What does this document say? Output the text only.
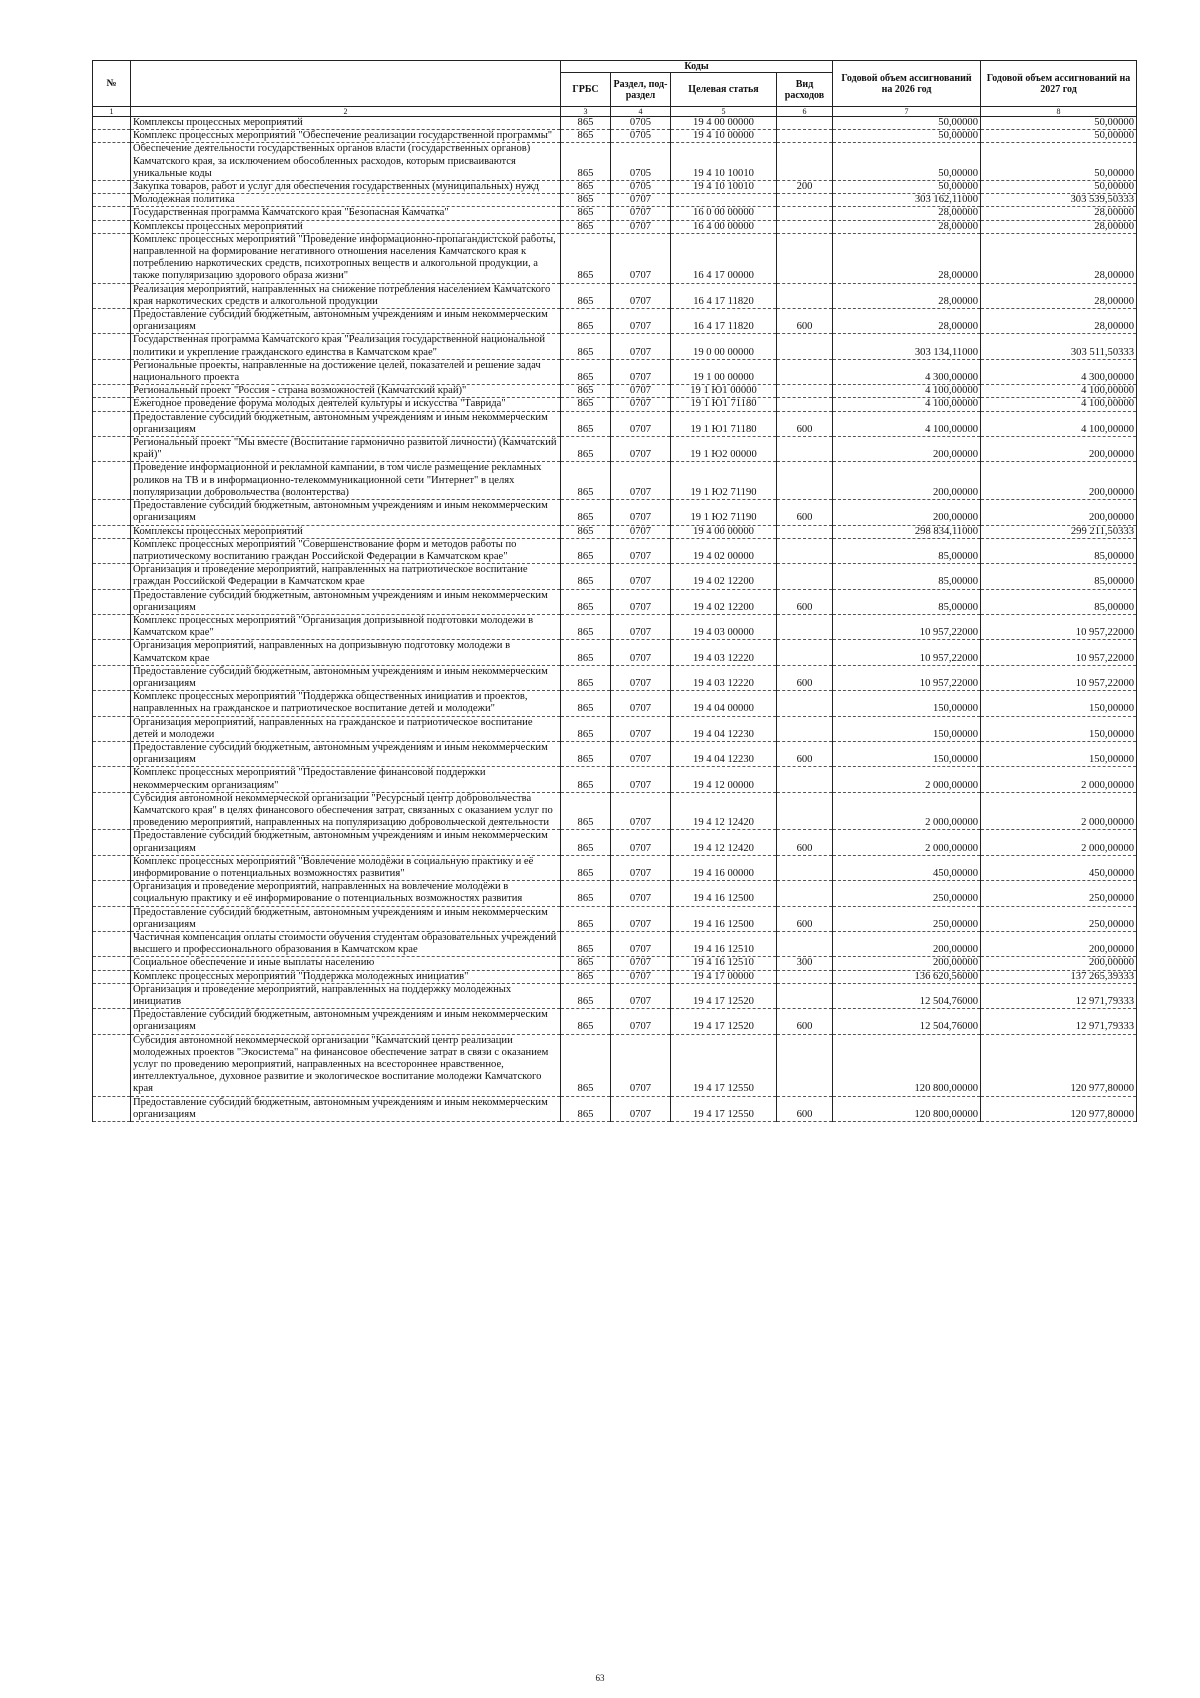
№		Коды				Годовой объем ассигнований на 2026 год	Годовой объем ассигнований на 2027 год
		ГРБС	Раздел, под-раздел	Целевая статья	Вид расходов		
1	2	3	4	5	6	7	8
	Комплексы процессных мероприятий	865	0705	19 4 00 00000		50,00000	50,00000
	Комплекс процессных мероприятий "Обеспечение реализации государственной программы"	865	0705	19 4 10 00000		50,00000	50,00000
	Обеспечение деятельности государственных органов власти (государственных органов) Камчатского края, за исключением обособленных расходов, которым присваиваются уникальные коды	865	0705	19 4 10 10010		50,00000	50,00000
	Закупка товаров, работ и услуг для обеспечения государственных (муниципальных) нужд	865	0705	19 4 10 10010	200	50,00000	50,00000
	Молодежная политика	865	0707			303 162,11000	303 539,50333
	Государственная программа Камчатского края "Безопасная Камчатка"	865	0707	16 0 00 00000		28,00000	28,00000
	Комплексы процессных мероприятий	865	0707	16 4 00 00000		28,00000	28,00000
	Комплекс процессных мероприятий "Проведение информационно-пропагандистской работы, направленной на формирование негативного отношения населения Камчатского края к потреблению наркотических средств, психотропных веществ и алкогольной продукции, а также популяризацию здорового образа жизни"	865	0707	16 4 17 00000		28,00000	28,00000
	Реализация мероприятий, направленных на снижение потребления населением Камчатского края наркотических средств и алкогольной продукции	865	0707	16 4 17 11820		28,00000	28,00000
	Предоставление субсидий бюджетным, автономным учреждениям и иным некоммерческим организациям	865	0707	16 4 17 11820	600	28,00000	28,00000
	Государственная программа Камчатского края "Реализация государственной национальной политики и укрепление гражданского единства в Камчатском крае"	865	0707	19 0 00 00000		303 134,11000	303 511,50333
	Региональные проекты, направленные на достижение целей, показателей и решение задач национального проекта	865	0707	19 1 00 00000		4 300,00000	4 300,00000
	Региональный проект "Россия - страна возможностей (Камчатский край)"	865	0707	19 1 Ю1 00000		4 100,00000	4 100,00000
	Ежегодное проведение форума молодых деятелей культуры и искусства "Таврида"	865	0707	19 1 Ю1 71180		4 100,00000	4 100,00000
	Предоставление субсидий бюджетным, автономным учреждениям и иным некоммерческим организациям	865	0707	19 1 Ю1 71180	600	4 100,00000	4 100,00000
	Региональный проект "Мы вместе (Воспитание гармонично развитой личности) (Камчатский край)"	865	0707	19 1 Ю2 00000		200,00000	200,00000
	Проведение информационной и рекламной кампании, в том числе размещение рекламных роликов на ТВ и в информационно-телекоммуникационной сети "Интернет" в целях популяризации добровольчества (волонтерства)	865	0707	19 1 Ю2 71190		200,00000	200,00000
	Предоставление субсидий бюджетным, автономным учреждениям и иным некоммерческим организациям	865	0707	19 1 Ю2 71190	600	200,00000	200,00000
	Комплексы процессных мероприятий	865	0707	19 4 00 00000		298 834,11000	299 211,50333
	Комплекс процессных мероприятий "Совершенствование форм и методов работы по патриотическому воспитанию граждан Российской Федерации в Камчатском крае"	865	0707	19 4 02 00000		85,00000	85,00000
	Организация и проведение мероприятий, направленных на патриотическое воспитание граждан Российской Федерации в Камчатском крае	865	0707	19 4 02 12200		85,00000	85,00000
	Предоставление субсидий бюджетным, автономным учреждениям и иным некоммерческим организациям	865	0707	19 4 02 12200	600	85,00000	85,00000
	Комплекс процессных мероприятий "Организация допризывной подготовки молодежи в Камчатском крае"	865	0707	19 4 03 00000		10 957,22000	10 957,22000
	Организация мероприятий, направленных на допризывную подготовку молодежи в Камчатском крае	865	0707	19 4 03 12220		10 957,22000	10 957,22000
	Предоставление субсидий бюджетным, автономным учреждениям и иным некоммерческим организациям	865	0707	19 4 03 12220	600	10 957,22000	10 957,22000
	Комплекс процессных мероприятий "Поддержка общественных инициатив и проектов, направленных на гражданское и патриотическое воспитание детей и молодежи"	865	0707	19 4 04 00000		150,00000	150,00000
	Организация мероприятий, направленных на гражданское и патриотическое воспитание детей и молодежи	865	0707	19 4 04 12230		150,00000	150,00000
	Предоставление субсидий бюджетным, автономным учреждениям и иным некоммерческим организациям	865	0707	19 4 04 12230	600	150,00000	150,00000
	Комплекс процессных мероприятий "Предоставление финансовой поддержки некоммерческим организациям"	865	0707	19 4 12 00000		2 000,00000	2 000,00000
	Субсидия автономной некоммерческой организации "Ресурсный центр добровольчества Камчатского края" в целях финансового обеспечения затрат, связанных с оказанием услуг по проведению мероприятий, направленных на популяризацию добровольческой деятельности	865	0707	19 4 12 12420		2 000,00000	2 000,00000
	Предоставление субсидий бюджетным, автономным учреждениям и иным некоммерческим организациям	865	0707	19 4 12 12420	600	2 000,00000	2 000,00000
	Комплекс процессных мероприятий "Вовлечение молодёжи в социальную практику и её информирование о потенциальных возможностях развития"	865	0707	19 4 16 00000		450,00000	450,00000
	Организация и проведение мероприятий, направленных на вовлечение молодёжи в социальную практику и её информирование о потенциальных возможностях развития	865	0707	19 4 16 12500		250,00000	250,00000
	Предоставление субсидий бюджетным, автономным учреждениям и иным некоммерческим организациям	865	0707	19 4 16 12500	600	250,00000	250,00000
	Частичная компенсация оплаты стоимости обучения студентам образовательных учреждений высшего и профессионального образования в Камчатском крае	865	0707	19 4 16 12510		200,00000	200,00000
	Социальное обеспечение и иные выплаты населению	865	0707	19 4 16 12510	300	200,00000	200,00000
	Комплекс процессных мероприятий "Поддержка молодежных инициатив"	865	0707	19 4 17 00000		136 620,56000	137 265,39333
	Организация и проведение мероприятий, направленных на поддержку молодежных инициатив	865	0707	19 4 17 12520		12 504,76000	12 971,79333
	Предоставление субсидий бюджетным, автономным учреждениям и иным некоммерческим организациям	865	0707	19 4 17 12520	600	12 504,76000	12 971,79333
	Субсидия автономной некоммерческой организации "Камчатский центр реализации молодежных проектов "Экосистема" на финансовое обеспечение затрат в связи с оказанием услуг по проведению мероприятий, направленных на всестороннее нравственное, интеллектуальное, духовное развитие и экологическое воспитание молодежи Камчатского края	865	0707	19 4 17 12550		120 800,00000	120 977,80000
	Предоставление субсидий бюджетным, автономным учреждениям и иным некоммерческим организациям	865	0707	19 4 17 12550	600	120 800,00000	120 977,80000
63
